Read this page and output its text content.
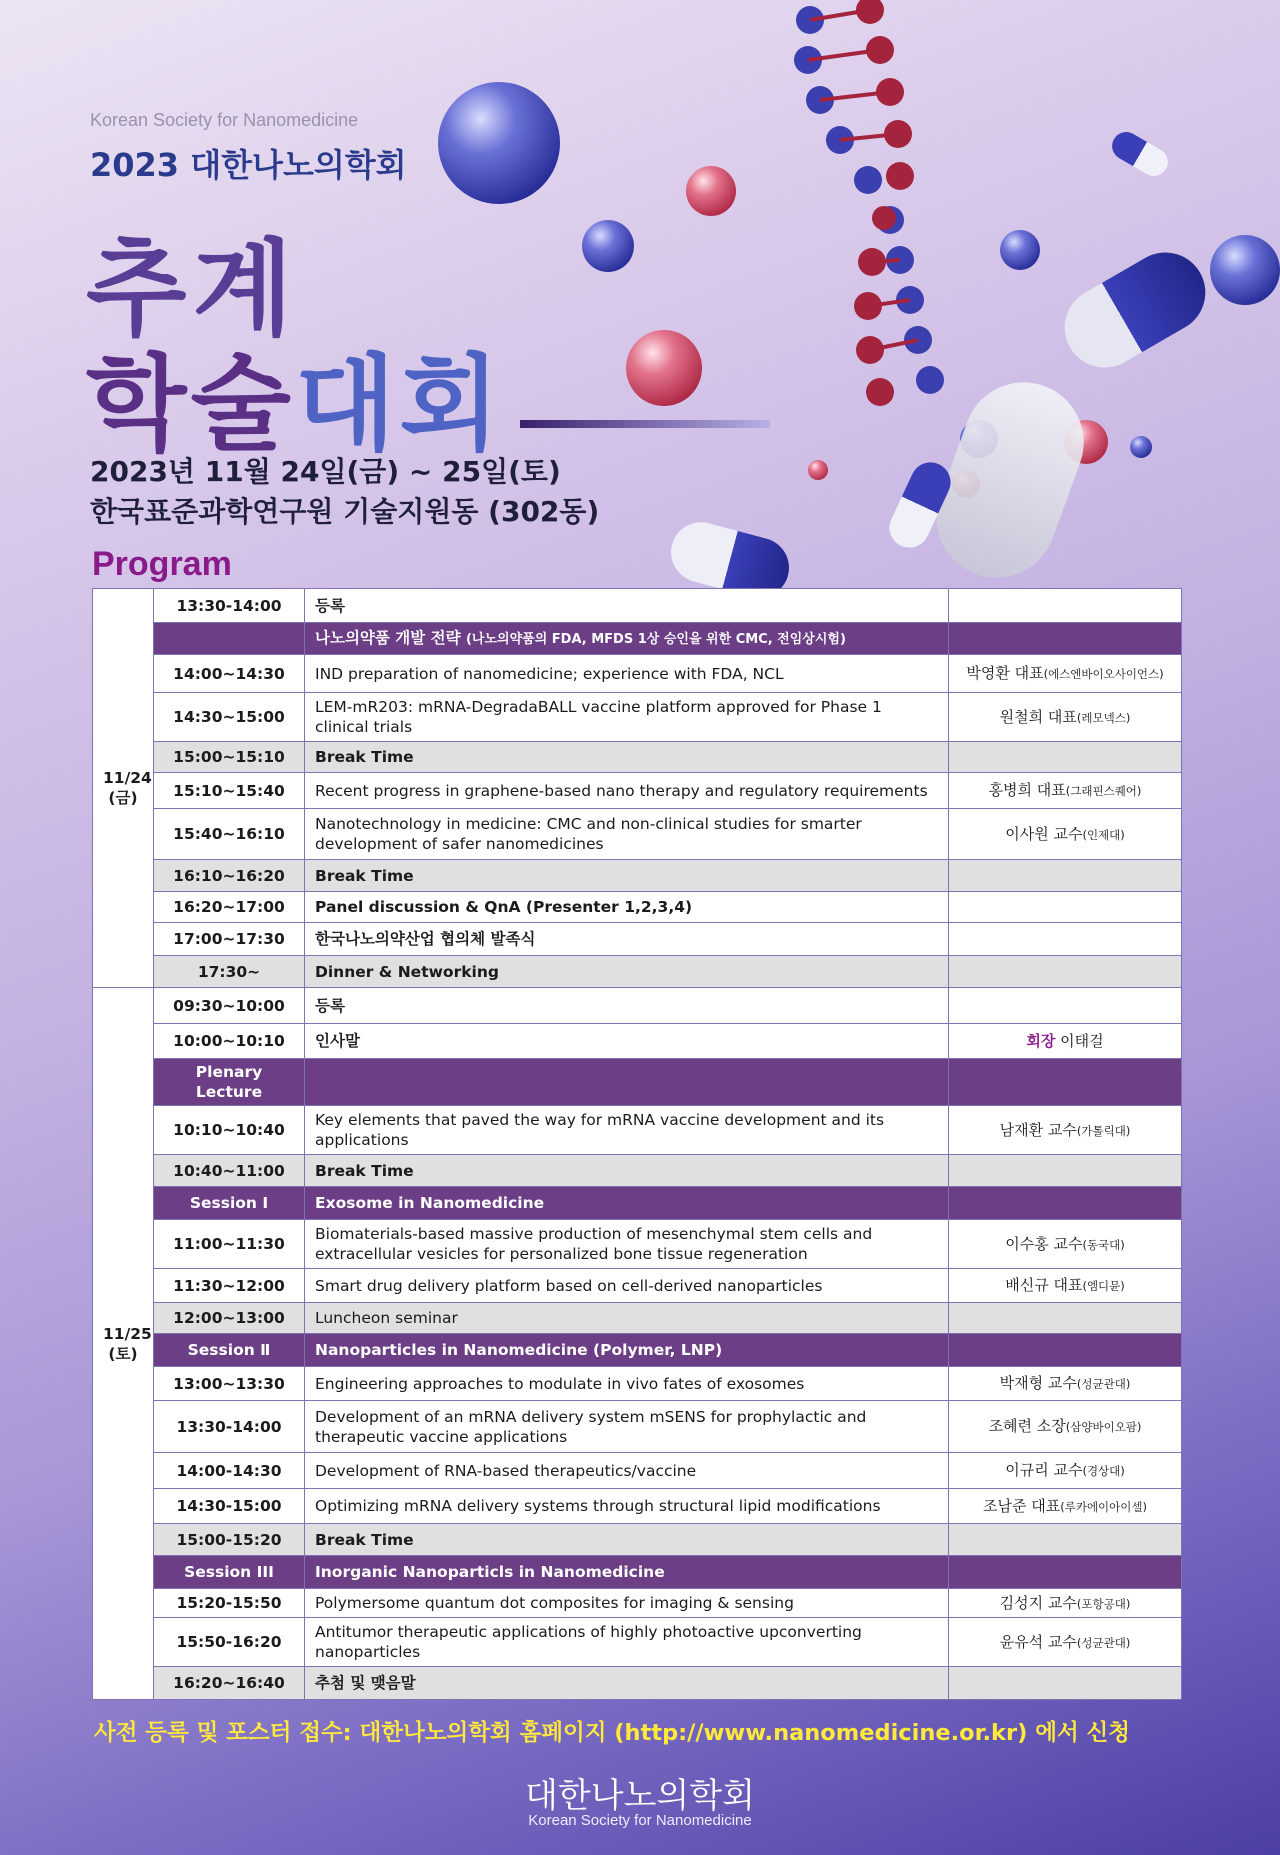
Korean Society for Nanomedicine
2023 대한나노의학회
추계
학술대회
2023년 11월 24일(금) ~ 25일(토)
한국표준과학연구원 기술지원동 (302동)
Program
11/24
(금)	13:30-14:00	등록	
		나노의약품 개발 전략 (나노의약품의 FDA, MFDS 1상 승인을 위한 CMC, 전임상시험)	
	14:00~14:30	IND preparation of nanomedicine; experience with FDA, NCL	박영환 대표(에스엔바이오사이언스)
	14:30~15:00	LEM-mR203: mRNA-DegradaBALL vaccine platform approved for Phase 1 clinical trials	원철희 대표(레모넥스)
	15:00~15:10	Break Time	
	15:10~15:40	Recent progress in graphene-based nano therapy and regulatory requirements	홍병희 대표(그래핀스퀘어)
	15:40~16:10	Nanotechnology in medicine: CMC and non-clinical studies for smarter development of safer nanomedicines	이사원 교수(인제대)
	16:10~16:20	Break Time	
	16:20~17:00	Panel discussion & QnA (Presenter 1,2,3,4)	
	17:00~17:30	한국나노의약산업 협의체 발족식	
	17:30~	Dinner & Networking	

11/25
(토)	09:30~10:00	등록	
	10:00~10:10	인사말	회장 이태걸
	Plenary Lecture		
	10:10~10:40	Key elements that paved the way for mRNA vaccine development and its applications	남재환 교수(가톨릭대)
	10:40~11:00	Break Time	
	Session Ⅰ	Exosome in Nanomedicine	
	11:00~11:30	Biomaterials-based massive production of mesenchymal stem cells and extracellular vesicles for personalized bone tissue regeneration	이수홍 교수(동국대)
	11:30~12:00	Smart drug delivery platform based on cell-derived nanoparticles	배신규 대표(엠디뮨)
	12:00~13:00	Luncheon seminar	
	Session Ⅱ	Nanoparticles in Nanomedicine (Polymer, LNP)	
	13:00~13:30	Engineering approaches to modulate in vivo fates of exosomes	박재형 교수(성균관대)
	13:30-14:00	Development of an mRNA delivery system mSENS for prophylactic and therapeutic vaccine applications	조혜련 소장(삼양바이오팜)
	14:00-14:30	Development of RNA-based therapeutics/vaccine	이규리 교수(경상대)
	14:30-15:00	Optimizing mRNA delivery systems through structural lipid modifications	조남준 대표(루카에이아이셀)
	15:00-15:20	Break Time	
	Session III	Inorganic Nanoparticls in Nanomedicine	
	15:20-15:50	Polymersome quantum dot composites for imaging & sensing	김성지 교수(포항공대)
	15:50-16:20	Antitumor therapeutic applications of highly photoactive upconverting nanoparticles	윤유석 교수(성균관대)
	16:20~16:40	추첨 및 맺음말	
사전 등록 및 포스터 접수: 대한나노의학회 홈페이지 (http://www.nanomedicine.or.kr) 에서 신청
대한나노의학회
Korean Society for Nanomedicine
